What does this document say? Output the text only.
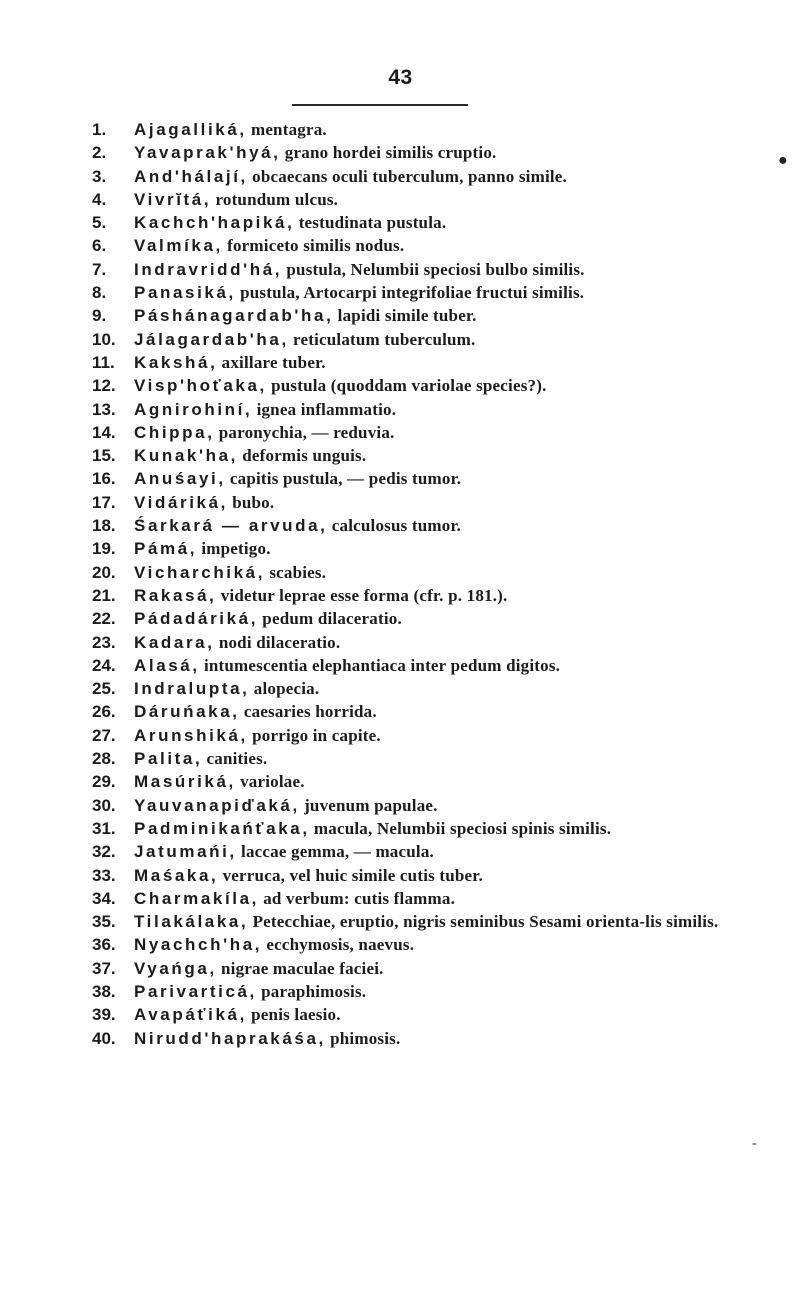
43
1.	Ajagalliká, mentagra.
2.	Yavaprak'hyá, grano hordei similis cruptio.
3.	And'hálají, obcaecans oculi tuberculum, panno simile.
4.	Vivrĭtá, rotundum ulcus.
5.	Kachch'hapiká, testudinata pustula.
6.	Valmíka, formiceto similis nodus.
7.	Indravridd'há, pustula, Nelumbii speciosi bulbo similis.
8.	Panasiká, pustula, Artocarpi integrifoliae fructui similis.
9.	Páshánagardab'ha, lapidi simile tuber.
10.	Jálagardab'ha, reticulatum tuberculum.
11.	Kakshá, axillare tuber.
12.	Visp'hoťaka, pustula (quoddam variolae species?).
13.	Agnirohiní, ignea inflammatio.
14.	Chippa, paronychia, — reduvia.
15.	Kunak'ha, deformis unguis.
16.	Anuśayi, capitis pustula, — pedis tumor.
17.	Vidáriká, bubo.
18.	Śarkará — arvuda, calculosus tumor.
19.	Pámá, impetigo.
20.	Vicharchiká, scabies.
21.	Rakasá, videtur leprae esse forma (cfr. p. 181.).
22.	Pádadáriká, pedum dilaceratio.
23.	Kadara, nodi dilaceratio.
24.	Alasá, intumescentia elephantiaca inter pedum digitos.
25.	Indralupta, alopecia.
26.	Dáruńaka, caesaries horrida.
27.	Arunshiká, porrigo in capite.
28.	Palita, canities.
29.	Masúriká, variolae.
30.	Yauvanapiďaká, juvenum papulae.
31.	Padminikańťaka, macula, Nelumbii speciosi spinis similis.
32.	Jatumańi, laccae gemma, — macula.
33.	Maśaka, verruca, vel huic simile cutis tuber.
34.	Charmakíla, ad verbum: cutis flamma.
35.	Tilakálaka, Petecchiae, eruptio, nigris seminibus Sesami orienta-lis similis.
36.	Nyachch'ha, ecchymosis, naevus.
37.	Vyańga, nigrae maculae faciei.
38.	Parivarticá, paraphimosis.
39.	Avapáťiká, penis laesio.
40.	Nirudd'haprakáśa, phimosis.
●
-
